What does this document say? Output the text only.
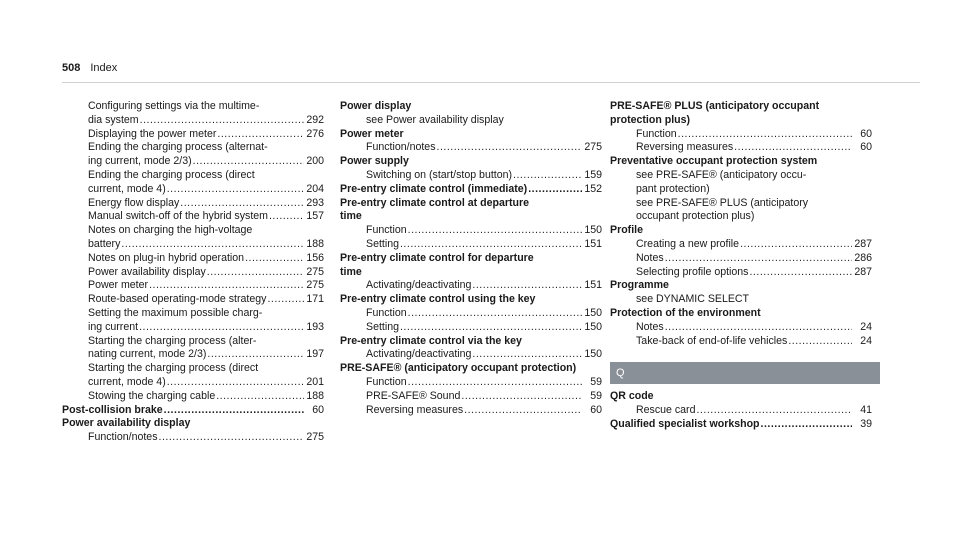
508 Index
Configuring settings via the multime-
dia system .....	292
Displaying the power meter .....	276
Ending the charging process (alternat-
ing current, mode 2/3) .....	200
Ending the charging process (direct
current, mode 4) .....	204
Energy flow display .....	293
Manual switch-off of the hybrid system .....	157
Notes on charging the high-voltage
battery .....	188
Notes on plug-in hybrid operation .....	156
Power availability display .....	275
Power meter .....	275
Route-based operating-mode strategy .....	171
Setting the maximum possible charg-
ing current .....	193
Starting the charging process (alter-
nating current, mode 2/3) .....	197
Starting the charging process (direct
current, mode 4) .....	201
Stowing the charging cable .....	188
Post-collision brake .....	60
Power availability display
Function/notes .....	275
Power display
see Power availability display
Power meter
Function/notes .....	275
Power supply
Switching on (start/stop button) .....	159
Pre-entry climate control (immediate) .....	152
Pre-entry climate control at departure
time
Function .....	150
Setting .....	151
Pre-entry climate control for departure
time
Activating/deactivating .....	151
Pre-entry climate control using the key
Function .....	150
Setting .....	150
Pre-entry climate control via the key
Activating/deactivating .....	150
PRE-SAFE® (anticipatory occupant protection)
Function .....	59
PRE-SAFE® Sound .....	59
Reversing measures .....	60
PRE-SAFE® PLUS (anticipatory occupant
protection plus)
Function .....	60
Reversing measures .....	60
Preventative occupant protection system
see PRE-SAFE® (anticipatory occu-
pant protection)
see PRE-SAFE® PLUS (anticipatory
occupant protection plus)
Profile
Creating a new profile .....	287
Notes .....	286
Selecting profile options .....	287
Programme
see DYNAMIC SELECT
Protection of the environment
Notes .....	24
Take-back of end-of-life vehicles .....	24
Q
QR code
Rescue card .....	41
Qualified specialist workshop .....	39
